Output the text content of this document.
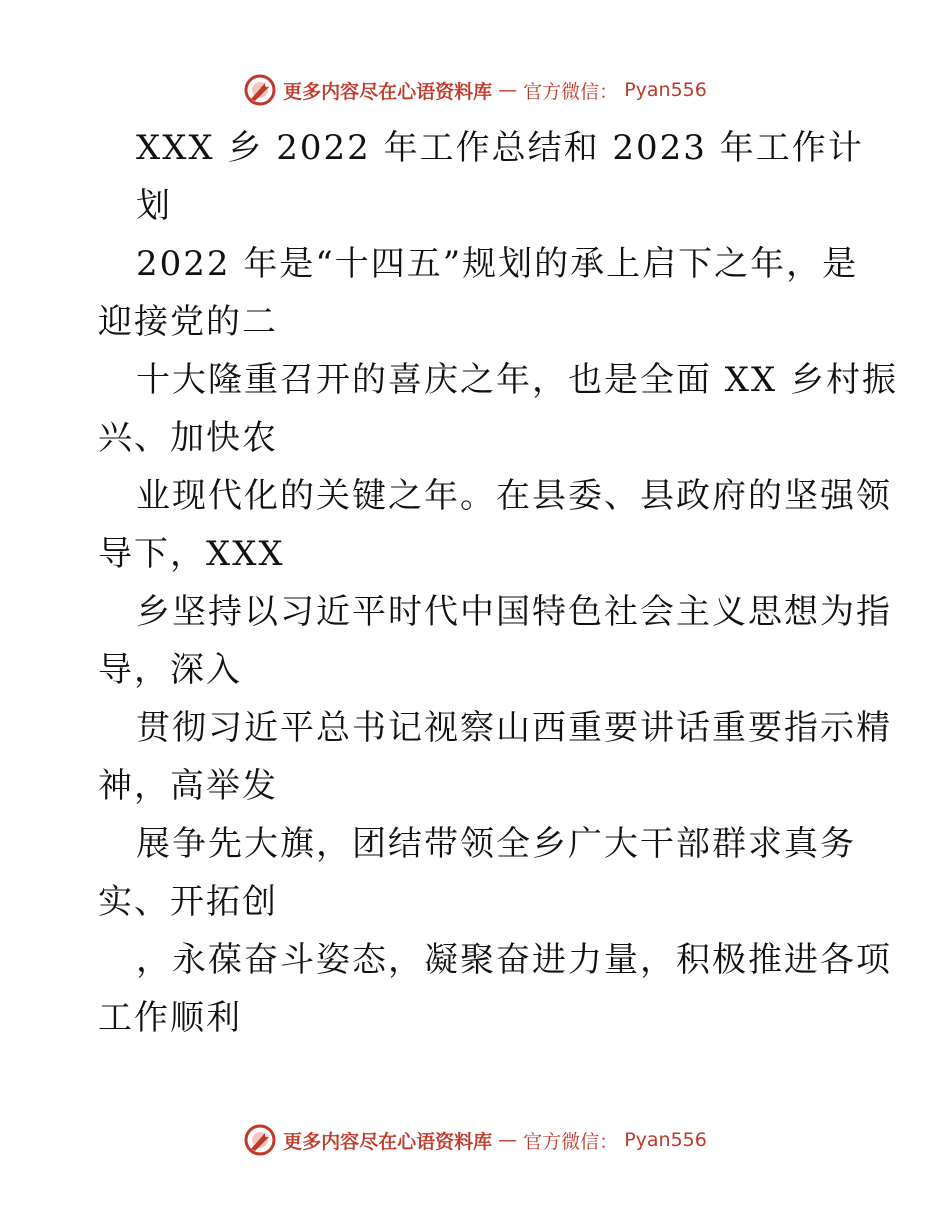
更多内容尽在心语资料库 — 官方微信： Pyan556
XXX 乡 2022 年工作总结和 2023 年工作计
划
2022 年是“十四五”规划的承上启下之年，是
迎接党的二
十大隆重召开的喜庆之年，也是全面 XX 乡村振
兴、加快农
业现代化的关键之年。在县委、县政府的坚强领
导下，XXX
乡坚持以习近平时代中国特色社会主义思想为指
导，深入
贯彻习近平总书记视察山西重要讲话重要指示精
神，高举发
展争先大旗，团结带领全乡广大干部群求真务
实、开拓创
，永葆奋斗姿态，凝聚奋进力量，积极推进各项
工作顺利
更多内容尽在心语资料库 — 官方微信： Pyan556
